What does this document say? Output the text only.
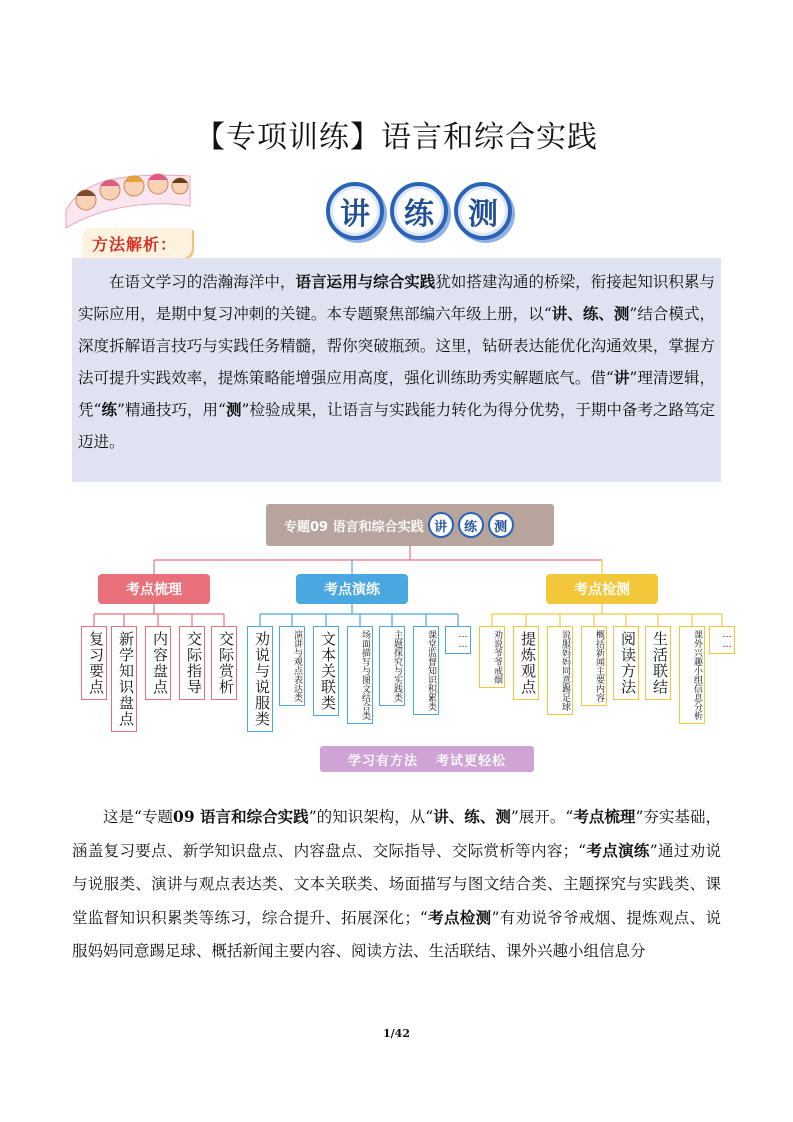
【专项训练】语言和综合实践
方法解析：
讲	练	测

在语文学习的浩瀚海洋中，语言运用与综合实践犹如搭建沟通的桥梁，衔接起知识积累与实际应用，是期中复习冲刺的关键。本专题聚焦部编六年级上册，以“讲、练、测”结合模式，深度拆解语言技巧与实践任务精髓，帮你突破瓶颈。这里，钻研表达能优化沟通效果，掌握方法可提升实践效率，提炼策略能增强应用高度，强化训练助秀实解题底气。借“讲”理清逻辑，凭“练”精通技巧，用“测”检验成果，让语言与实践能力转化为得分优势，于期中备考之路笃定迈进。

专题09 语言和综合实践 讲	练	测
考点梳理	考点演练	考点检测
复习要点 新学知识盘点	内容盘点	交际指导 交际赏析	劝说与说服类	演讲与观点表达类	文本关联类	场面描写与图文结合类	主题探究与实践类	课堂监督知识积累类	……	劝说爷爷戒烟	提炼观点	说服妈妈同意踢足球	概括新闻主要内容	阅读方法 生活联结	课外兴趣小组信息分析	……
学习有方法 考试更轻松

这是“专题09 语言和综合实践”的知识架构，从“讲、练、测”展开。“考点梳理”夯实基础，涵盖复习要点、新学知识盘点、内容盘点、交际指导、交际赏析等内容；“考点演练”通过劝说与说服类、演讲与观点表达类、文本关联类、场面描写与图文结合类、主题探究与实践类、课堂监督知识积累类等练习，综合提升、拓展深化；“考点检测”有劝说爷爷戒烟、提炼观点、说服妈妈同意踢足球、概括新闻主要内容、阅读方法、生活联结、课外兴趣小组信息分

1/42
